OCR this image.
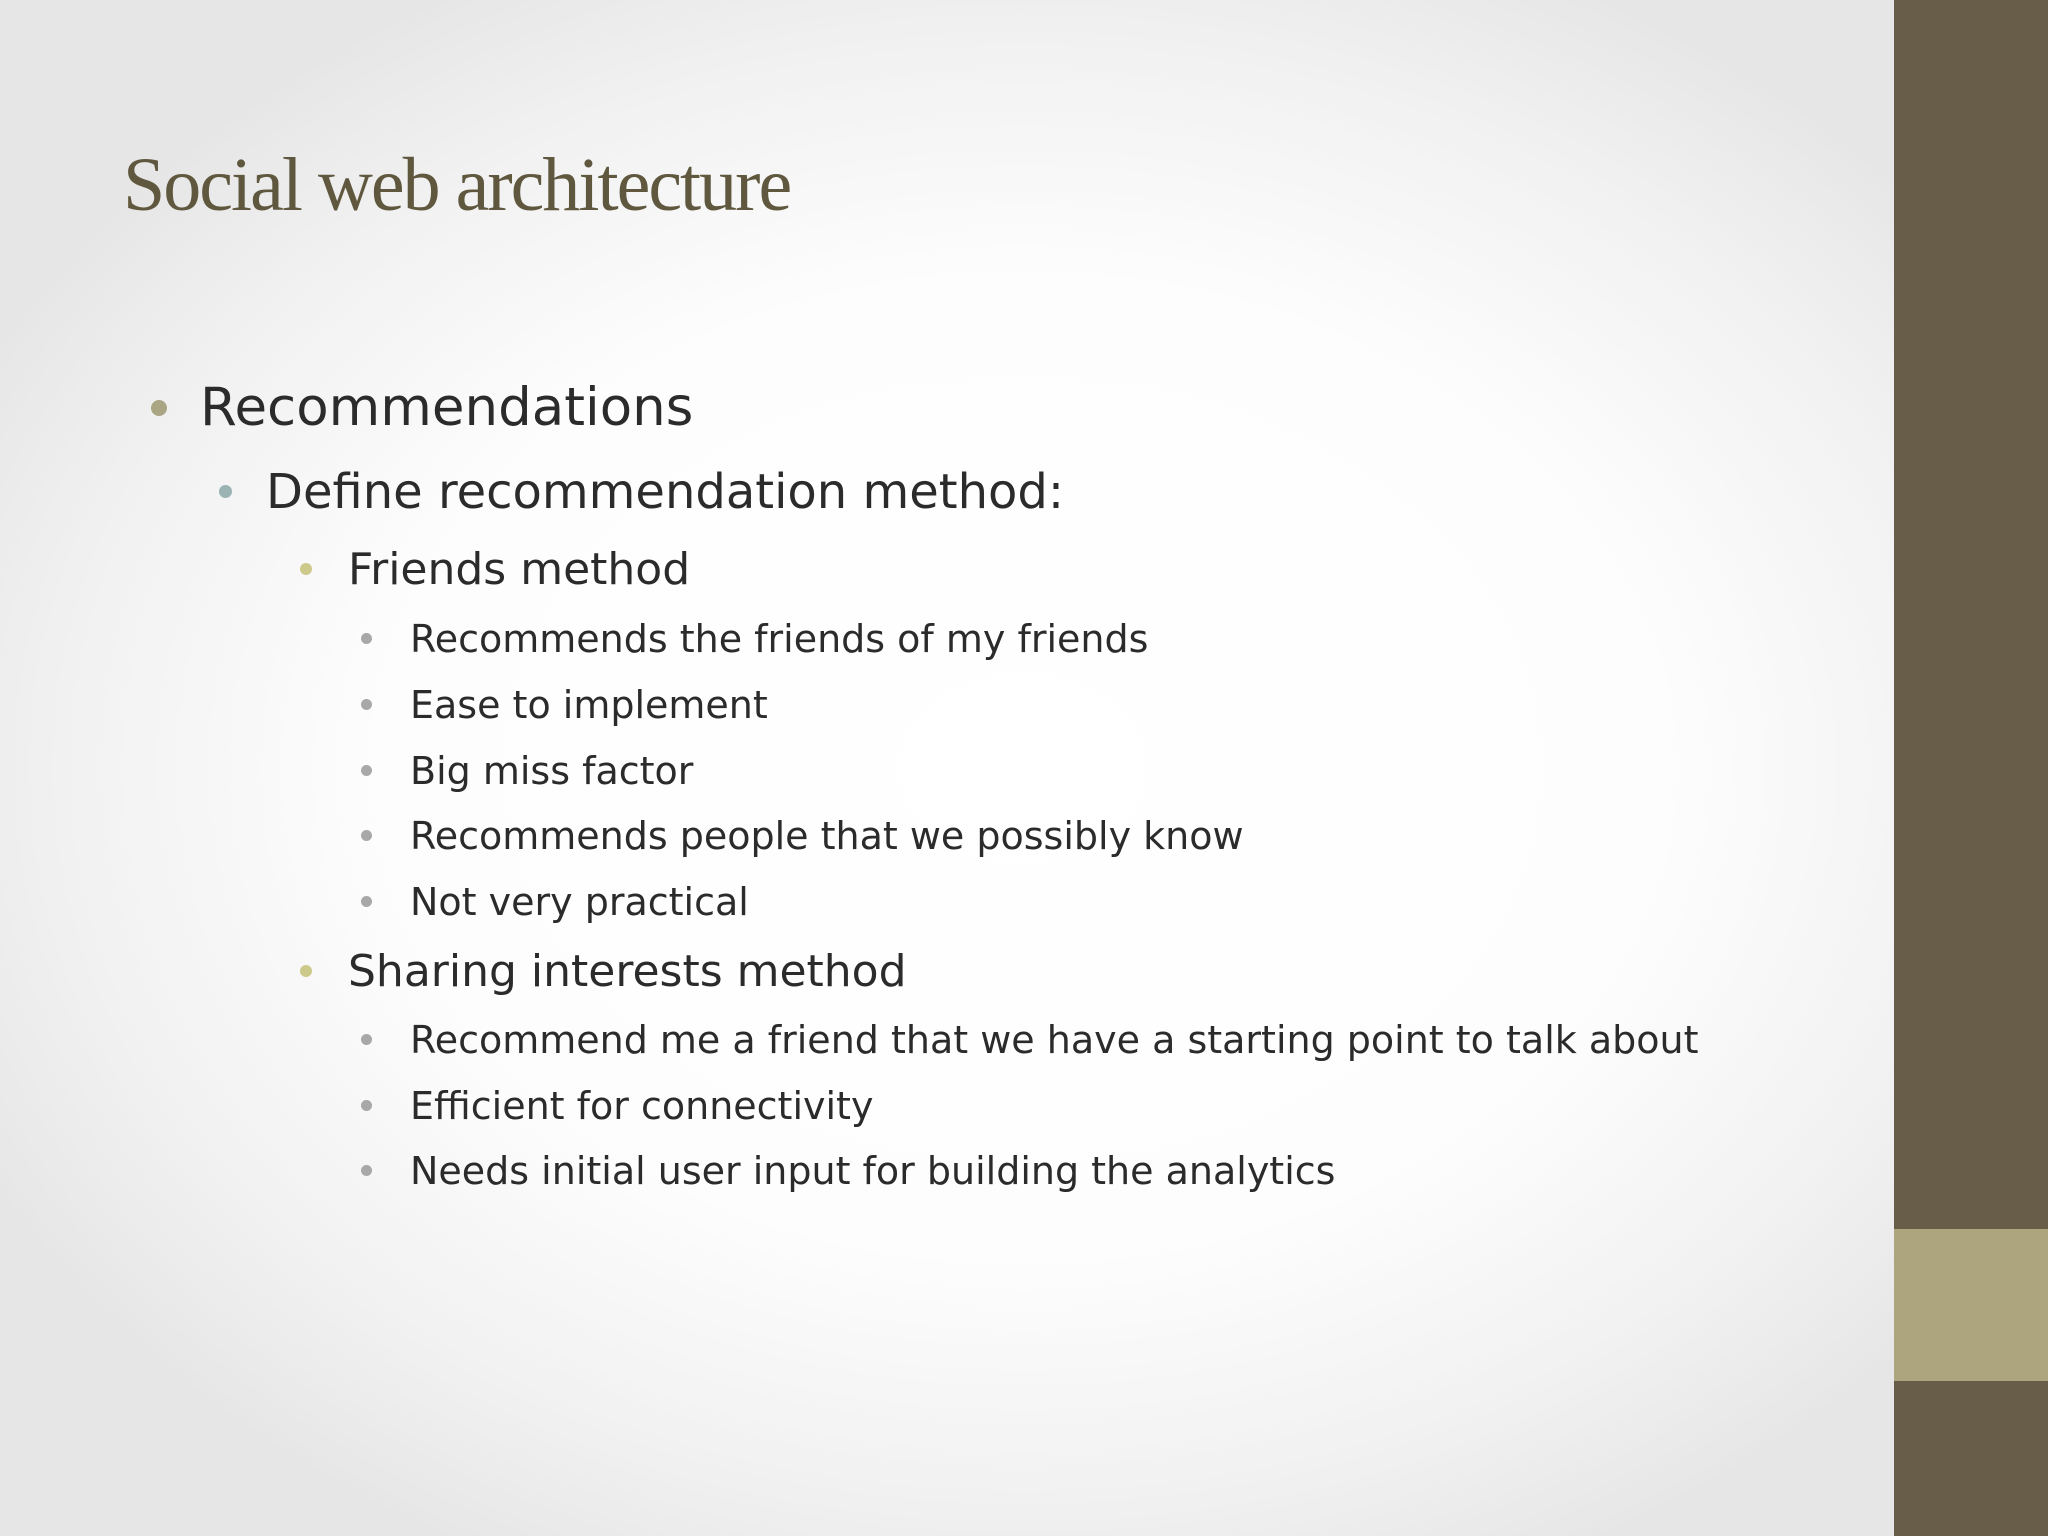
Social web architecture
Recommendations
Define recommendation method:
Friends method
Recommends the friends of my friends
Ease to implement
Big miss factor
Recommends people that we possibly know
Not very practical
Sharing interests method
Recommend me a friend that we have a starting point to talk about
Efficient for connectivity
Needs initial user input for building the analytics
